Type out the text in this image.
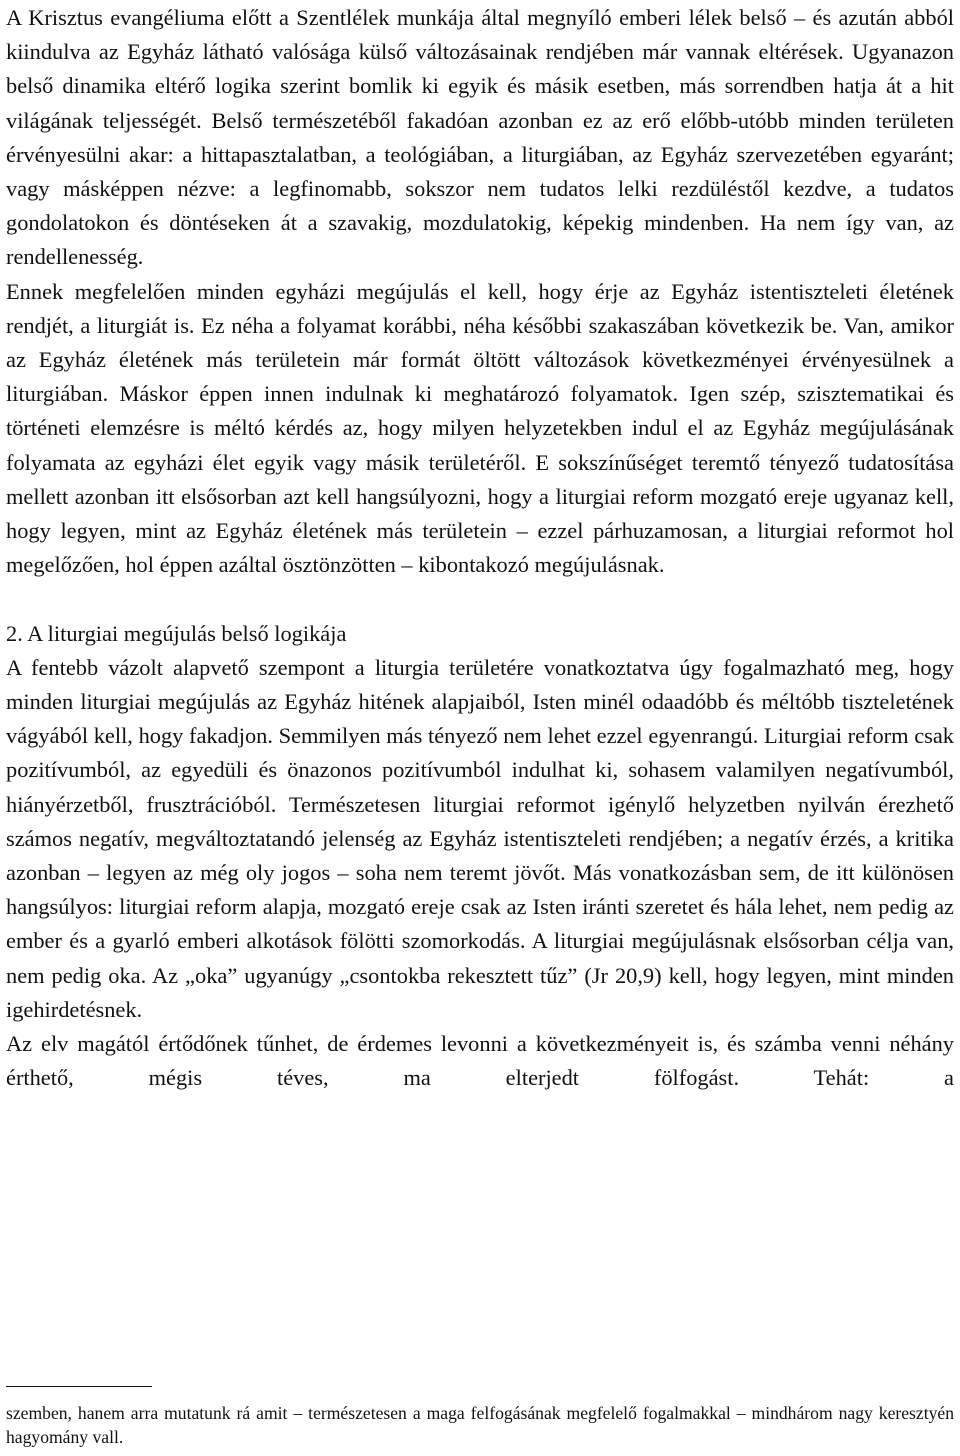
A Krisztus evangéliuma előtt a Szentlélek munkája által megnyíló emberi lélek belső – és azután abból kiindulva az Egyház látható valósága külső változásainak rendjében már vannak eltérések. Ugyanazon belső dinamika eltérő logika szerint bomlik ki egyik és másik esetben, más sorrendben hatja át a hit világának teljességét. Belső természetéből fakadóan azonban ez az erő előbb-utóbb minden területen érvényesülni akar: a hittapasztalatban, a teológiában, a liturgiában, az Egyház szervezetében egyaránt; vagy másképpen nézve: a legfinomabb, sokszor nem tudatos lelki rezdüléstől kezdve, a tudatos gondolatokon és döntéseken át a szavakig, mozdulatokig, képekig mindenben. Ha nem így van, az rendellenesség.

Ennek megfelelően minden egyházi megújulás el kell, hogy érje az Egyház istentiszteleti életének rendjét, a liturgiát is. Ez néha a folyamat korábbi, néha későbbi szakaszában következik be. Van, amikor az Egyház életének más területein már formát öltött változások következményei érvényesülnek a liturgiában. Máskor éppen innen indulnak ki meghatározó folyamatok. Igen szép, szisztematikai és történeti elemzésre is méltó kérdés az, hogy milyen helyzetekben indul el az Egyház megújulásának folyamata az egyházi élet egyik vagy másik területéről. E sokszínűséget teremtő tényező tudatosítása mellett azonban itt elsősorban azt kell hangsúlyozni, hogy a liturgiai reform mozgató ereje ugyanaz kell, hogy legyen, mint az Egyház életének más területein – ezzel párhuzamosan, a liturgiai reformot hol megelőzően, hol éppen azáltal ösztönzötten – kibontakozó megújulásnak.

2. A liturgiai megújulás belső logikája

A fentebb vázolt alapvető szempont a liturgia területére vonatkoztatva úgy fogalmazható meg, hogy minden liturgiai megújulás az Egyház hitének alapjaiból, Isten minél odaadóbb és méltóbb tiszteletének vágyából kell, hogy fakadjon. Semmilyen más tényező nem lehet ezzel egyenrangú. Liturgiai reform csak pozitívumból, az egyedüli és önazonos pozitívumból indulhat ki, sohasem valamilyen negatívumból, hiányérzetből, frusztrációból. Természetesen liturgiai reformot igénylő helyzetben nyilván érezhető számos negatív, megváltoztatandó jelenség az Egyház istentiszteleti rendjében; a negatív érzés, a kritika azonban – legyen az még oly jogos – soha nem teremt jövőt. Más vonatkozásban sem, de itt különösen hangsúlyos: liturgiai reform alapja, mozgató ereje csak az Isten iránti szeretet és hála lehet, nem pedig az ember és a gyarló emberi alkotások fölötti szomorkodás. A liturgiai megújulásnak elsősorban célja van, nem pedig oka. Az „oka” ugyanúgy „csontokba rekesztett tűz” (Jr 20,9) kell, hogy legyen, mint minden igehirdetésnek.

Az elv magától értődőnek tűnhet, de érdemes levonni a következményeit is, és számba venni néhány érthető, mégis téves, ma elterjedt fölfogást. Tehát: a

szemben, hanem arra mutatunk rá amit – természetesen a maga felfogásának megfelelő fogalmakkal – mindhárom nagy keresztyén hagyomány vall.
